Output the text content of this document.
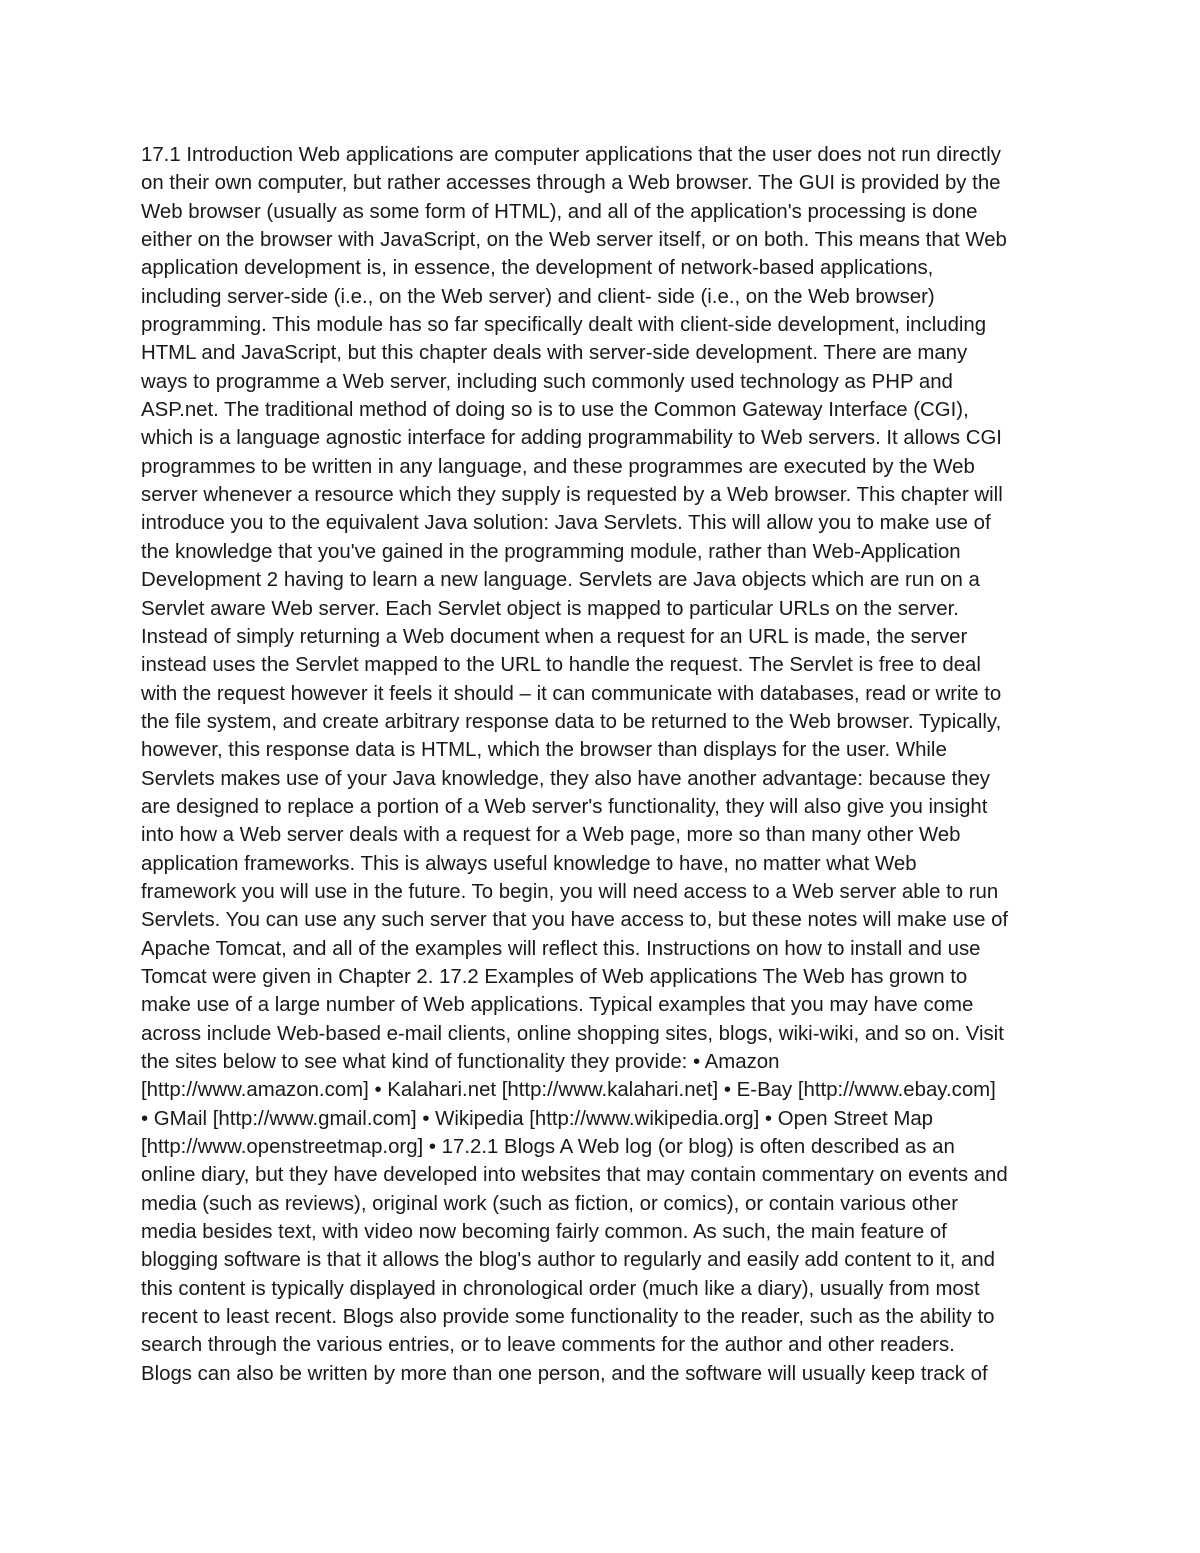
17.1 Introduction Web applications are computer applications that the user does not run directly
on their own computer, but rather accesses through a Web browser. The GUI is provided by the
Web browser (usually as some form of HTML), and all of the application's processing is done
either on the browser with JavaScript, on the Web server itself, or on both. This means that Web
application development is, in essence, the development of network-based applications,
including server-side (i.e., on the Web server) and client- side (i.e., on the Web browser)
programming. This module has so far specifically dealt with client-side development, including
HTML and JavaScript, but this chapter deals with server-side development. There are many
ways to programme a Web server, including such commonly used technology as PHP and
ASP.net. The traditional method of doing so is to use the Common Gateway Interface (CGI),
which is a language agnostic interface for adding programmability to Web servers. It allows CGI
programmes to be written in any language, and these programmes are executed by the Web
server whenever a resource which they supply is requested by a Web browser. This chapter will
introduce you to the equivalent Java solution: Java Servlets. This will allow you to make use of
the knowledge that you've gained in the programming module, rather than Web-Application
Development 2 having to learn a new language. Servlets are Java objects which are run on a
Servlet aware Web server. Each Servlet object is mapped to particular URLs on the server.
Instead of simply returning a Web document when a request for an URL is made, the server
instead uses the Servlet mapped to the URL to handle the request. The Servlet is free to deal
with the request however it feels it should – it can communicate with databases, read or write to
the file system, and create arbitrary response data to be returned to the Web browser. Typically,
however, this response data is HTML, which the browser than displays for the user. While
Servlets makes use of your Java knowledge, they also have another advantage: because they
are designed to replace a portion of a Web server's functionality, they will also give you insight
into how a Web server deals with a request for a Web page, more so than many other Web
application frameworks. This is always useful knowledge to have, no matter what Web
framework you will use in the future. To begin, you will need access to a Web server able to run
Servlets. You can use any such server that you have access to, but these notes will make use of
Apache Tomcat, and all of the examples will reflect this. Instructions on how to install and use
Tomcat were given in Chapter 2. 17.2 Examples of Web applications The Web has grown to
make use of a large number of Web applications. Typical examples that you may have come
across include Web-based e-mail clients, online shopping sites, blogs, wiki-wiki, and so on. Visit
the sites below to see what kind of functionality they provide: • Amazon
[http://www.amazon.com] • Kalahari.net [http://www.kalahari.net] • E-Bay [http://www.ebay.com]
• GMail [http://www.gmail.com] • Wikipedia [http://www.wikipedia.org] • Open Street Map
[http://www.openstreetmap.org] • 17.2.1 Blogs A Web log (or blog) is often described as an
online diary, but they have developed into websites that may contain commentary on events and
media (such as reviews), original work (such as fiction, or comics), or contain various other
media besides text, with video now becoming fairly common. As such, the main feature of
blogging software is that it allows the blog's author to regularly and easily add content to it, and
this content is typically displayed in chronological order (much like a diary), usually from most
recent to least recent. Blogs also provide some functionality to the reader, such as the ability to
search through the various entries, or to leave comments for the author and other readers.
Blogs can also be written by more than one person, and the software will usually keep track of
